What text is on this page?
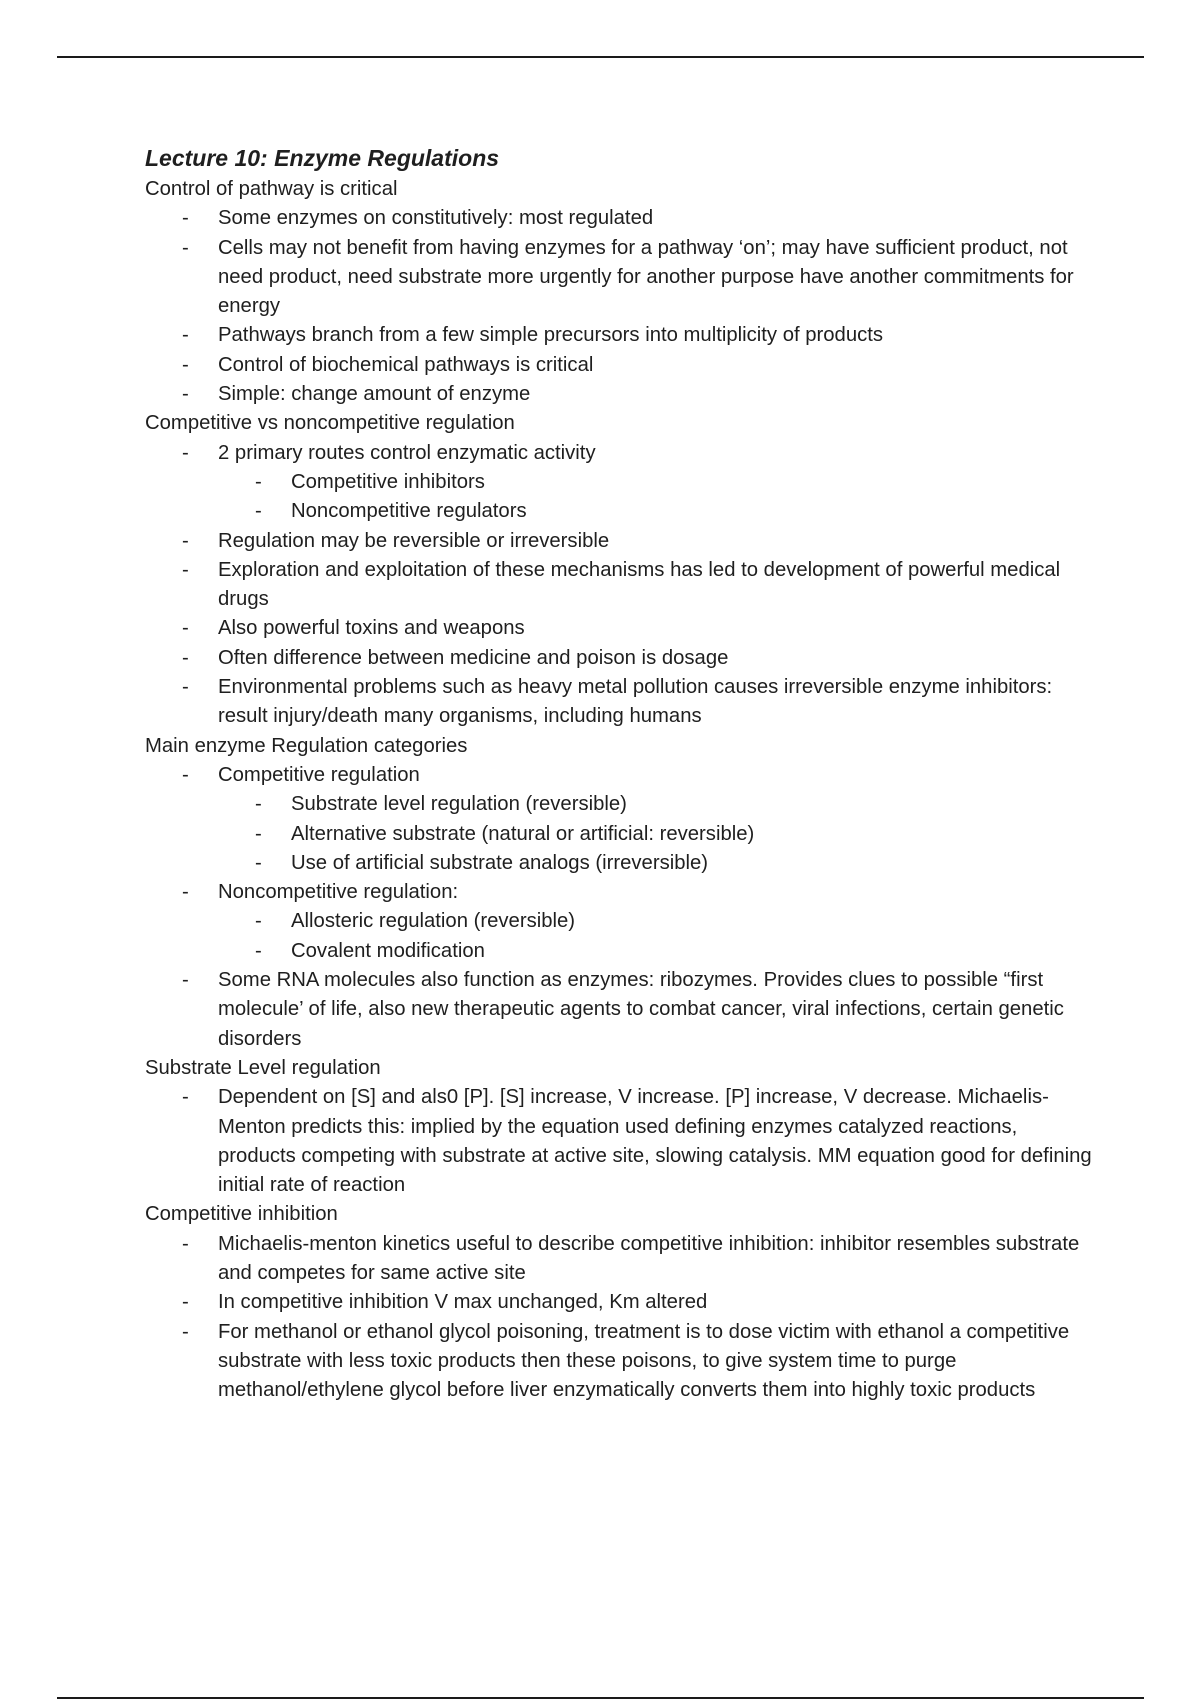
Lecture 10: Enzyme Regulations

Control of pathway is critical

- Some enzymes on constitutively: most regulated
- Cells may not benefit from having enzymes for a pathway ‘on’; may have sufficient product, not need product, need substrate more urgently for another purpose have another commitments for energy
- Pathways branch from a few simple precursors into multiplicity of products
- Control of biochemical pathways is critical
- Simple: change amount of enzyme

Competitive vs noncompetitive regulation

- 2 primary routes control enzymatic activity
- Competitive inhibitors
- Noncompetitive regulators
- Regulation may be reversible or irreversible
- Exploration and exploitation of these mechanisms has led to development of powerful medical drugs
- Also powerful toxins and weapons
- Often difference between medicine and poison is dosage
- Environmental problems such as heavy metal pollution causes irreversible enzyme inhibitors: result injury/death many organisms, including humans

Main enzyme Regulation categories

- Competitive regulation
- Substrate level regulation (reversible)
- Alternative substrate (natural or artificial: reversible)
- Use of artificial substrate analogs (irreversible)
- Noncompetitive regulation:
- Allosteric regulation (reversible)
- Covalent modification
- Some RNA molecules also function as enzymes: ribozymes. Provides clues to possible “first molecule’ of life, also new therapeutic agents to combat cancer, viral infections, certain genetic disorders

Substrate Level regulation

- Dependent on [S] and als0 [P]. [S] increase, V increase. [P] increase, V decrease. Michaelis-Menton predicts this: implied by the equation used defining enzymes catalyzed reactions, products competing with substrate at active site, slowing catalysis. MM equation good for defining initial rate of reaction

Competitive inhibition

- Michaelis-menton kinetics useful to describe competitive inhibition: inhibitor resembles substrate and competes for same active site
- In competitive inhibition V max unchanged, Km altered
- For methanol or ethanol glycol poisoning, treatment is to dose victim with ethanol a competitive substrate with less toxic products then these poisons, to give system time to purge methanol/ethylene glycol before liver enzymatically converts them into highly toxic products
